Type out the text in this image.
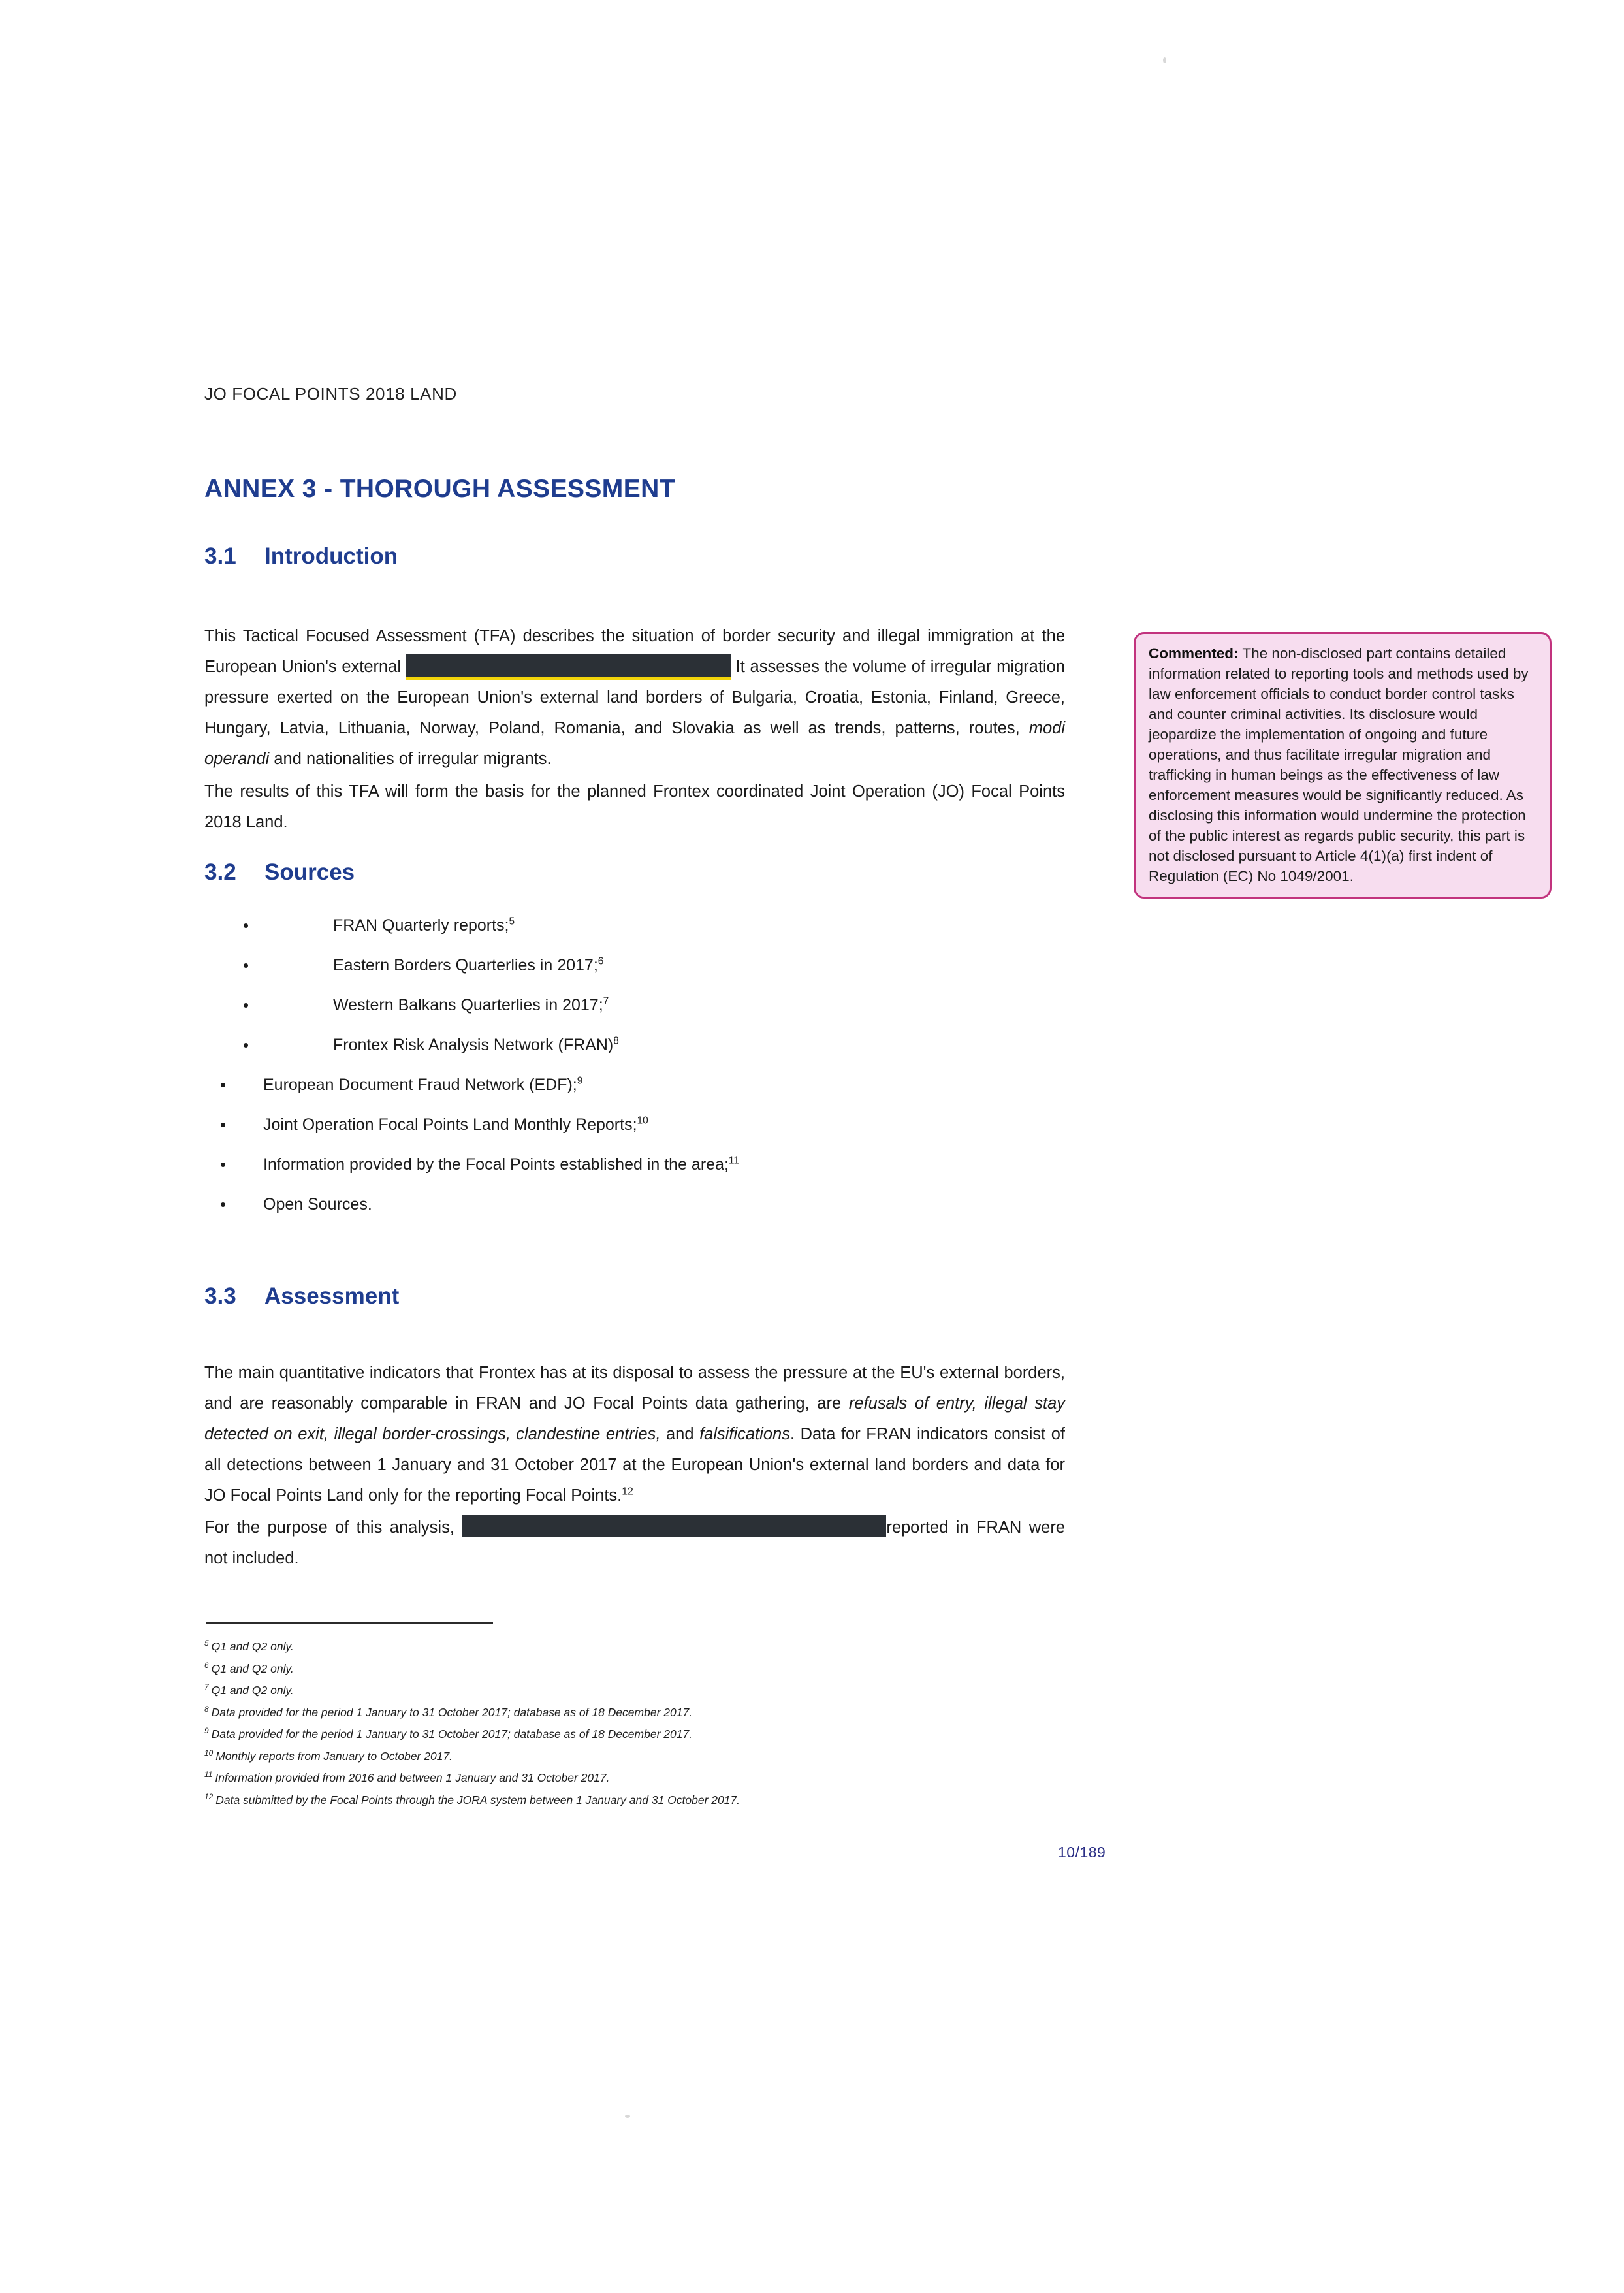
JO FOCAL POINTS 2018 LAND
ANNEX 3 - THOROUGH ASSESSMENT
3.1 Introduction

This Tactical Focused Assessment (TFA) describes the situation of border security and illegal immigration at the European Union's external	It assesses the volume of irregular migration pressure exerted on the European Union's external land borders of Bulgaria, Croatia, Estonia, Finland, Greece, Hungary, Latvia, Lithuania, Norway, Poland, Romania, and Slovakia as well as trends, patterns, routes, modi operandi and nationalities of irregular migrants.

The results of this TFA will form the basis for the planned Frontex coordinated Joint Operation (JO) Focal Points 2018 Land.

3.2 Sources
FRAN Quarterly reports;$^5$
Eastern Borders Quarterlies in 2017;$^6$
Western Balkans Quarterlies in 2017;$^7$
Frontex Risk Analysis Network (FRAN)$^8$
European Document Fraud Network (EDF);$^9$
Joint Operation Focal Points Land Monthly Reports;$^{10}$
Information provided by the Focal Points established in the area;$^{11}$
Open Sources.
3.3 Assessment

The main quantitative indicators that Frontex has at its disposal to assess the pressure at the EU's external borders, and are reasonably comparable in FRAN and JO Focal Points data gathering, are refusals of entry, illegal stay detected on exit, illegal border-crossings, clandestine entries, and falsifications. Data for FRAN indicators consist of all detections between 1 January and 31 October 2017 at the European Union's external land borders and data for JO Focal Points Land only for the reporting Focal Points.$^{12}$

For the purpose of this analysis,	reported in FRAN were not included.

Commented: The non-disclosed part contains detailed information related to reporting tools and methods used by law enforcement officials to conduct border control tasks and counter criminal activities. Its disclosure would jeopardize the implementation of ongoing and future operations, and thus facilitate irregular migration and trafficking in human beings as the effectiveness of law enforcement measures would be significantly reduced. As disclosing this information would undermine the protection of the public interest as regards public security, this part is not disclosed pursuant to Article 4(1)(a) first indent of Regulation (EC) No 1049/2001.
$^5$ Q1 and Q2 only.
$^6$ Q1 and Q2 only.
$^7$ Q1 and Q2 only.
$^8$ Data provided for the period 1 January to 31 October 2017; database as of 18 December 2017.
$^9$ Data provided for the period 1 January to 31 October 2017; database as of 18 December 2017.
$^{10}$ Monthly reports from January to October 2017.
$^{11}$ Information provided from 2016 and between 1 January and 31 October 2017.
$^{12}$ Data submitted by the Focal Points through the JORA system between 1 January and 31 October 2017.
10/189
